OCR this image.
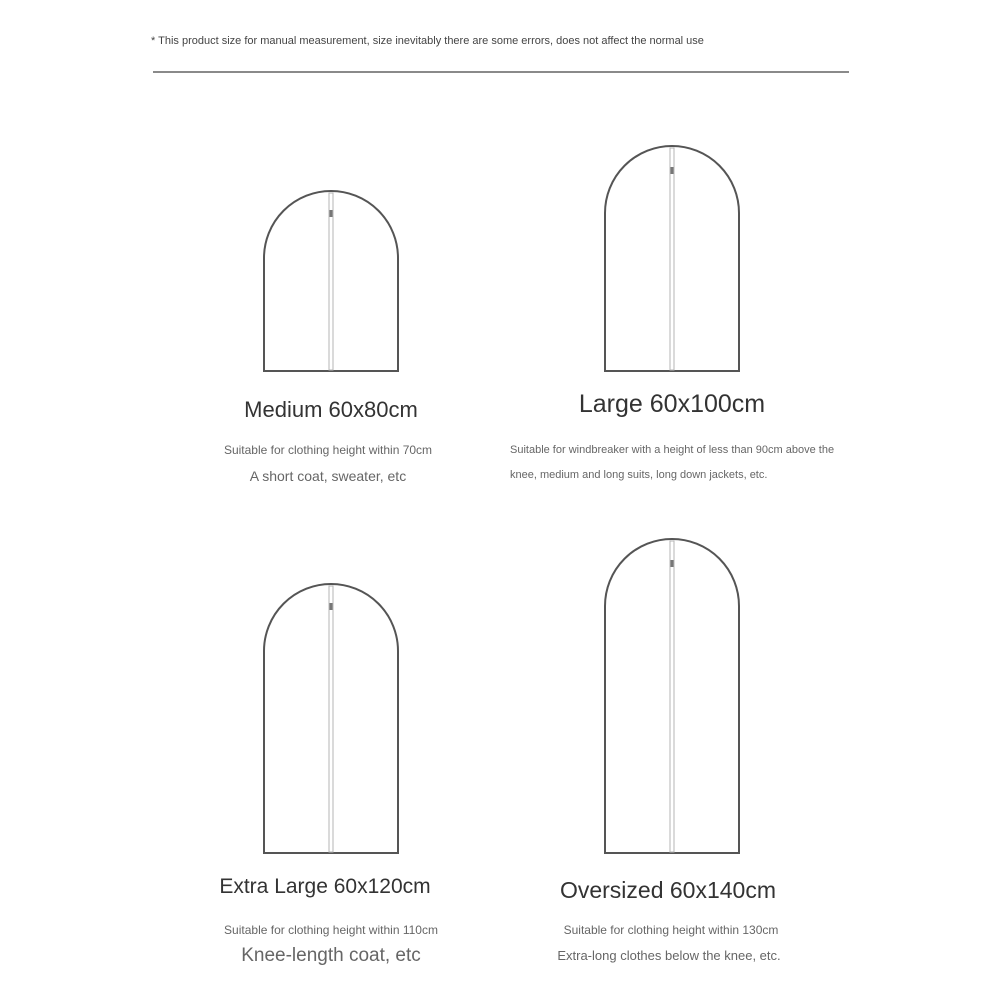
* This product size for manual measurement, size inevitably there are some errors, does not affect the normal use
Medium 60x80cm
Suitable for clothing height within 70cm
A short coat, sweater, etc
Large 60x100cm
Suitable for windbreaker with a height of less than 90cm above the
knee, medium and long suits, long down jackets, etc.
Extra Large 60x120cm
Suitable for clothing height within 110cm
Knee-length coat, etc
Oversized 60x140cm
Suitable for clothing height within 130cm
Extra-long clothes below the knee, etc.
